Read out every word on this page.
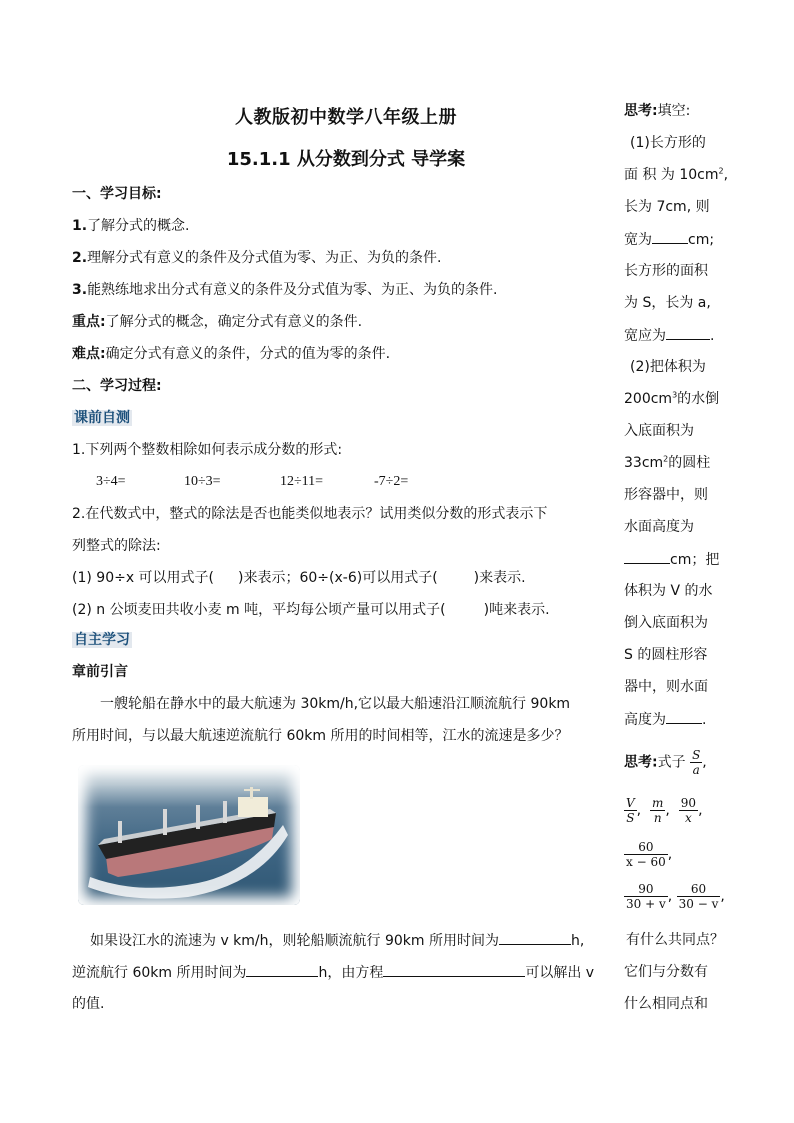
人教版初中数学八年级上册
15.1.1 从分数到分式 导学案
一、学习目标:
1.了解分式的概念.
2.理解分式有意义的条件及分式值为零、为正、为负的条件.
3.能熟练地求出分式有意义的条件及分式值为零、为正、为负的条件.
重点:了解分式的概念，确定分式有意义的条件.
难点:确定分式有意义的条件，分式的值为零的条件.
二、学习过程:
课前自测
1.下列两个整数相除如何表示成分数的形式:
3÷4=	10÷3=	12÷11=	-7÷2=
2.在代数式中，整式的除法是否也能类似地表示？试用类似分数的形式表示下
列整式的除法:
(1) 90÷x 可以用式子( )来表示；60÷(x-6)可以用式子(	)来表示.
(2) n 公顷麦田共收小麦 m 吨，平均每公顷产量可以用式子(	)吨来表示.
自主学习
章前引言
一艘轮船在静水中的最大航速为 30km/h,它以最大船速沿江顺流航行 90km
所用时间，与以最大航速逆流航行 60km 所用的时间相等，江水的流速是多少？
如果设江水的流速为 v km/h，则轮船顺流航行 90km 所用时间为	h,
逆流航行 60km 所用时间为	h，由方程	可以解出 v
的值.
思考:填空:
(1)长方形的
面 积 为 $10cm^2$,
长为 7cm, 则
宽为	cm;
长方形的面积
为 S，长为 a,
宽应为	.
(2)把体积为
$200cm^3$的水倒
入底面积为
$33cm^2$的圆柱
形容器中，则
水面高度为
cm；把
体积为 V 的水
倒入底面积为
S 的圆柱形容
器中，则水面
高度为	.
思考:式子 $\frac{S}{a}$ ,
$\frac{V}{S}$ , $\frac{m}{n}$ , $\frac{90}{x}$ ,
$\frac{60}{x - 60}$ ,
$\frac{90}{30 + v}$ , $\frac{60}{30 - v}$ ,
有什么共同点？
它们与分数有
什么相同点和
